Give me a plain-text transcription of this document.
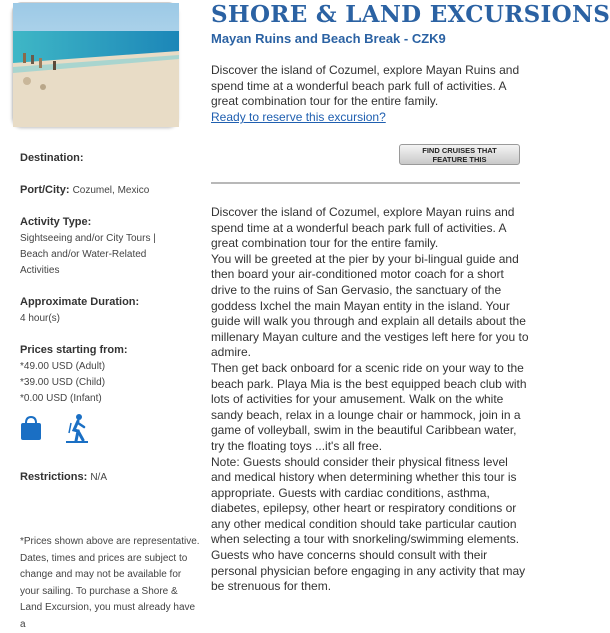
Destination:
Port/City: Cozumel, Mexico
Activity Type:
Sightseeing and/or City Tours |
Beach and/or Water-Related
Activities
Approximate Duration:
4 hour(s)
Prices starting from:
*49.00 USD (Adult)
*39.00 USD (Child)
*0.00 USD (Infant)
Restrictions: N/A
*Prices shown above are representative. Dates, times and prices are subject to change and may not be available for your sailing. To purchase a Shore & Land Excursion, you must already have a
SHORE & LAND EXCURSIONS
Mayan Ruins and Beach Break - CZK9
Discover the island of Cozumel, explore Mayan Ruins and spend time at a wonderful beach park full of activities. A great combination tour for the entire family.
Ready to reserve this excursion?
FIND CRUISES THAT
FEATURE THIS

Discover the island of Cozumel, explore Mayan ruins and spend time at a wonderful beach park full of activities. A great combination tour for the entire family.

You will be greeted at the pier by your bi-lingual guide and then board your air-conditioned motor coach for a short drive to the ruins of San Gervasio, the sanctuary of the goddess Ixchel the main Mayan entity in the island. Your guide will walk you through and explain all details about the millenary Mayan culture and the vestiges left here for you to admire.

Then get back onboard for a scenic ride on your way to the beach park. Playa Mia is the best equipped beach club with lots of activities for your amusement. Walk on the white sandy beach, relax in a lounge chair or hammock, join in a game of volleyball, swim in the beautiful Caribbean water, try the floating toys ...it's all free.

Note: Guests should consider their physical fitness level and medical history when determining whether this tour is appropriate. Guests with cardiac conditions, asthma, diabetes, epilepsy, other heart or respiratory conditions or any other medical condition should take particular caution when selecting a tour with snorkeling/swimming elements. Guests who have concerns should consult with their personal physician before engaging in any activity that may be strenuous for them.
